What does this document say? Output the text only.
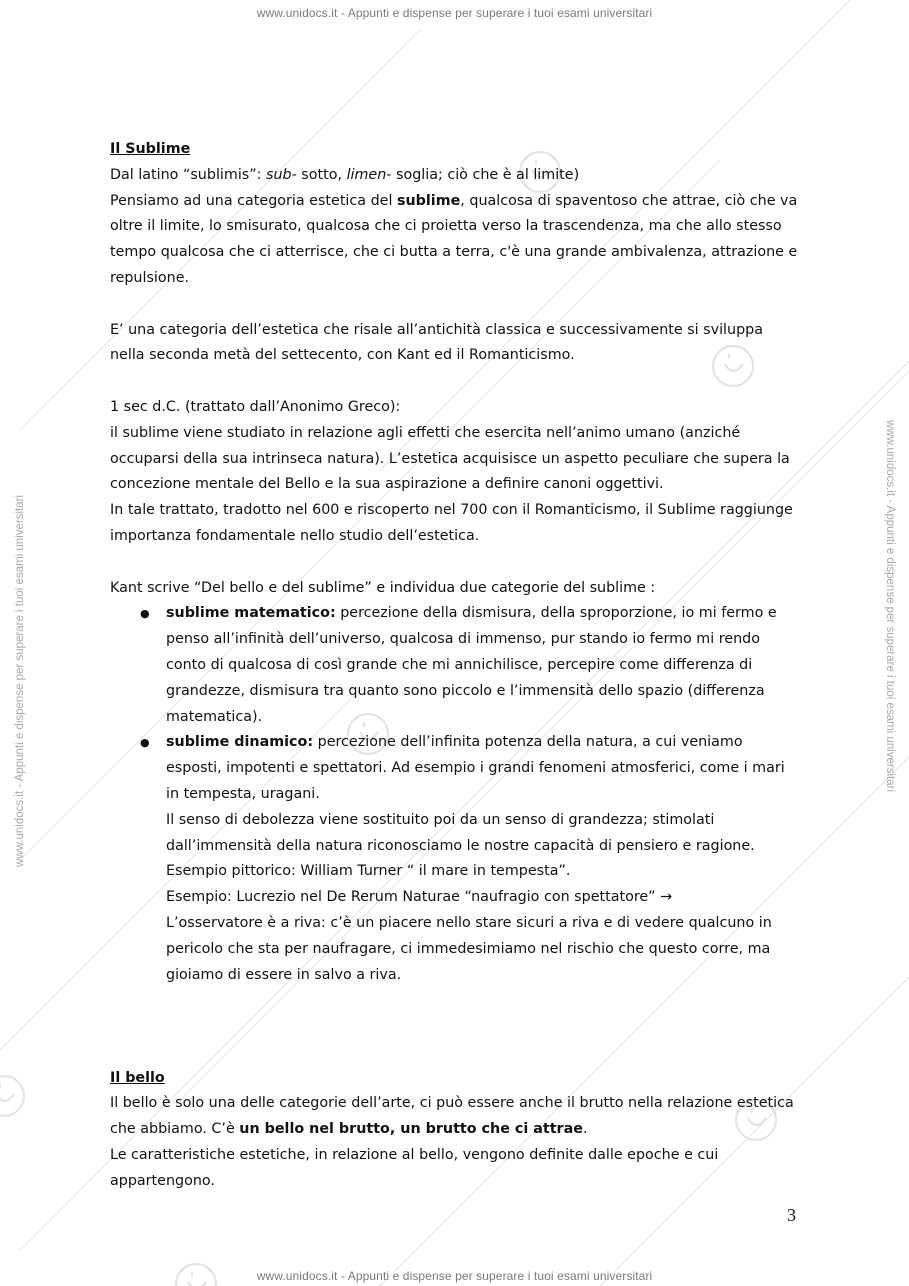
www.unidocs.it - Appunti e dispense per superare i tuoi esami universitari
www.unidocs.it - Appunti e dispense per superare i tuoi esami universitari
www.unidocs.it - Appunti e dispense per superare i tuoi esami universitari	www.unidocs.it - Appunti e dispense per superare i tuoi esami universitari

Il Sublime

Dal latino “sublimis”: sub- sotto, limen- soglia; ciò che è al limite)

Pensiamo ad una categoria estetica del sublime, qualcosa di spaventoso che attrae, ciò che va oltre il limite, lo smisurato, qualcosa che ci proietta verso la trascendenza, ma che allo stesso tempo qualcosa che ci atterrisce, che ci butta a terra, c'è una grande ambivalenza, attrazione e repulsione.

E’ una categoria dell’estetica che risale all’antichità classica e successivamente si sviluppa nella seconda metà del settecento, con Kant ed il Romanticismo.

1 sec d.C. (trattato dall’Anonimo Greco):

il sublime viene studiato in relazione agli effetti che esercita nell’animo umano (anziché occuparsi della sua intrinseca natura). L’estetica acquisisce un aspetto peculiare che supera la concezione mentale del Bello e la sua aspirazione a definire canoni oggettivi.

In tale trattato, tradotto nel 600 e riscoperto nel 700 con il Romanticismo, il Sublime raggiunge importanza fondamentale nello studio dell’estetica.

Kant scrive “Del bello e del sublime” e individua due categorie del sublime :

● sublime matematico: percezione della dismisura, della sproporzione, io mi fermo e penso all’infinità dell’universo, qualcosa di immenso, pur stando io fermo mi rendo conto di qualcosa di così grande che mi annichilisce, percepire come differenza di grandezze, dismisura tra quanto sono piccolo e l’immensità dello spazio (differenza matematica).
● sublime dinamico: percezione dell’infinita potenza della natura, a cui veniamo esposti, impotenti e spettatori. Ad esempio i grandi fenomeni atmosferici, come i mari in tempesta, uragani.

Il senso di debolezza viene sostituito poi da un senso di grandezza; stimolati dall’immensità della natura riconosciamo le nostre capacità di pensiero e ragione.

Esempio pittorico: William Turner “ il mare in tempesta”.

Esempio: Lucrezio nel De Rerum Naturae “naufragio con spettatore” →

L’osservatore è a riva: c’è un piacere nello stare sicuri a riva e di vedere qualcuno in pericolo che sta per naufragare, ci immedesimiamo nel rischio che questo corre, ma gioiamo di essere in salvo a riva.

Il bello

Il bello è solo una delle categorie dell’arte, ci può essere anche il brutto nella relazione estetica che abbiamo. C’è un bello nel brutto, un brutto che ci attrae.

Le caratteristiche estetiche, in relazione al bello, vengono definite dalle epoche e cui appartengono.

3
